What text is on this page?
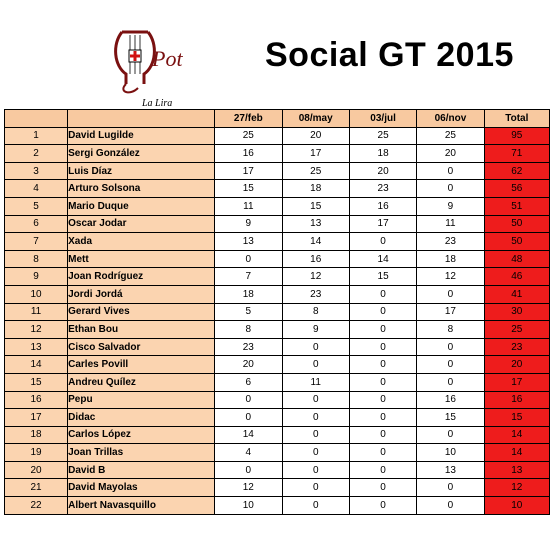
Pot
La Lira
Social GT 2015
		27/feb	08/may	03/jul	06/nov	Total
1	David Lugilde	25	20	25	25	95
2	Sergi González	16	17	18	20	71
3	Luis Díaz	17	25	20	0	62
4	Arturo Solsona	15	18	23	0	56
5	Mario Duque	11	15	16	9	51
6	Oscar Jodar	9	13	17	11	50
7	Xada	13	14	0	23	50
8	Mett	0	16	14	18	48
9	Joan Rodríguez	7	12	15	12	46
10	Jordi Jordá	18	23	0	0	41
11	Gerard Vives	5	8	0	17	30
12	Ethan Bou	8	9	0	8	25
13	Cisco Salvador	23	0	0	0	23
14	Carles Povill	20	0	0	0	20
15	Andreu Quílez	6	11	0	0	17
16	Pepu	0	0	0	16	16
17	Didac	0	0	0	15	15
18	Carlos López	14	0	0	0	14
19	Joan Trillas	4	0	0	10	14
20	David B	0	0	0	13	13
21	David Mayolas	12	0	0	0	12
22	Albert Navasquillo	10	0	0	0	10
